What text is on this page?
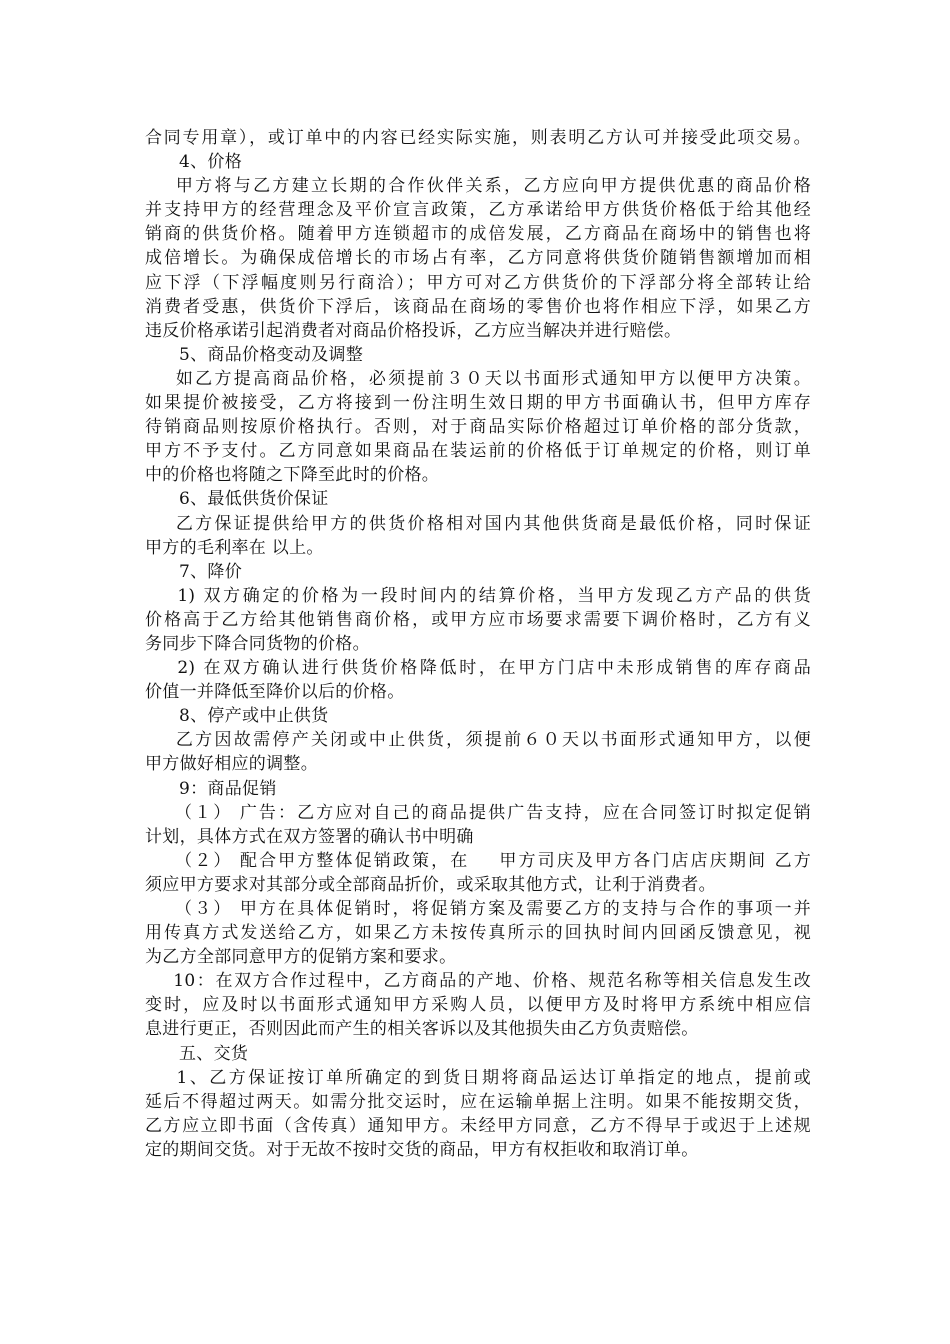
合同专用章），或订单中的内容已经实际实施，则表明乙方认可并接受此项交易。
4、价格
甲方将与乙方建立长期的合作伙伴关系，乙方应向甲方提供优惠的商品价格
并支持甲方的经营理念及平价宣言政策，乙方承诺给甲方供货价格低于给其他经
销商的供货价格。随着甲方连锁超市的成倍发展，乙方商品在商场中的销售也将
成倍增长。为确保成倍增长的市场占有率，乙方同意将供货价随销售额增加而相
应下浮（下浮幅度则另行商洽）；甲方可对乙方供货价的下浮部分将全部转让给
消费者受惠，供货价下浮后，该商品在商场的零售价也将作相应下浮，如果乙方
违反价格承诺引起消费者对商品价格投诉，乙方应当解决并进行赔偿。
5、商品价格变动及调整
如乙方提高商品价格，必须提前３０天以书面形式通知甲方以便甲方决策。
如果提价被接受，乙方将接到一份注明生效日期的甲方书面确认书，但甲方库存
待销商品则按原价格执行。否则，对于商品实际价格超过订单价格的部分货款，
甲方不予支付。乙方同意如果商品在装运前的价格低于订单规定的价格，则订单
中的价格也将随之下降至此时的价格。
6、最低供货价保证
乙方保证提供给甲方的供货价格相对国内其他供货商是最低价格，同时保证
甲方的毛利率在 以上。
7、降价
1) 双方确定的价格为一段时间内的结算价格，当甲方发现乙方产品的供货
价格高于乙方给其他销售商价格，或甲方应市场要求需要下调价格时，乙方有义
务同步下降合同货物的价格。
2) 在双方确认进行供货价格降低时，在甲方门店中未形成销售的库存商品
价值一并降低至降价以后的价格。
8、停产或中止供货
乙方因故需停产关闭或中止供货，须提前６０天以书面形式通知甲方，以便
甲方做好相应的调整。
9：商品促销
（１） 广告：乙方应对自己的商品提供广告支持，应在合同签订时拟定促销
计划，具体方式在双方签署的确认书中明确
（２） 配合甲方整体促销政策，在    甲方司庆及甲方各门店店庆期间 乙方
须应甲方要求对其部分或全部商品折价，或采取其他方式，让利于消费者。
（３） 甲方在具体促销时，将促销方案及需要乙方的支持与合作的事项一并
用传真方式发送给乙方，如果乙方未按传真所示的回执时间内回函反馈意见，视
为乙方全部同意甲方的促销方案和要求。
10：在双方合作过程中，乙方商品的产地、价格、规范名称等相关信息发生改
变时，应及时以书面形式通知甲方采购人员，以便甲方及时将甲方系统中相应信
息进行更正，否则因此而产生的相关客诉以及其他损失由乙方负责赔偿。
五、交货
1、乙方保证按订单所确定的到货日期将商品运达订单指定的地点，提前或
延后不得超过两天。如需分批交运时，应在运输单据上注明。如果不能按期交货，
乙方应立即书面（含传真）通知甲方。未经甲方同意，乙方不得早于或迟于上述规
定的期间交货。对于无故不按时交货的商品，甲方有权拒收和取消订单。
